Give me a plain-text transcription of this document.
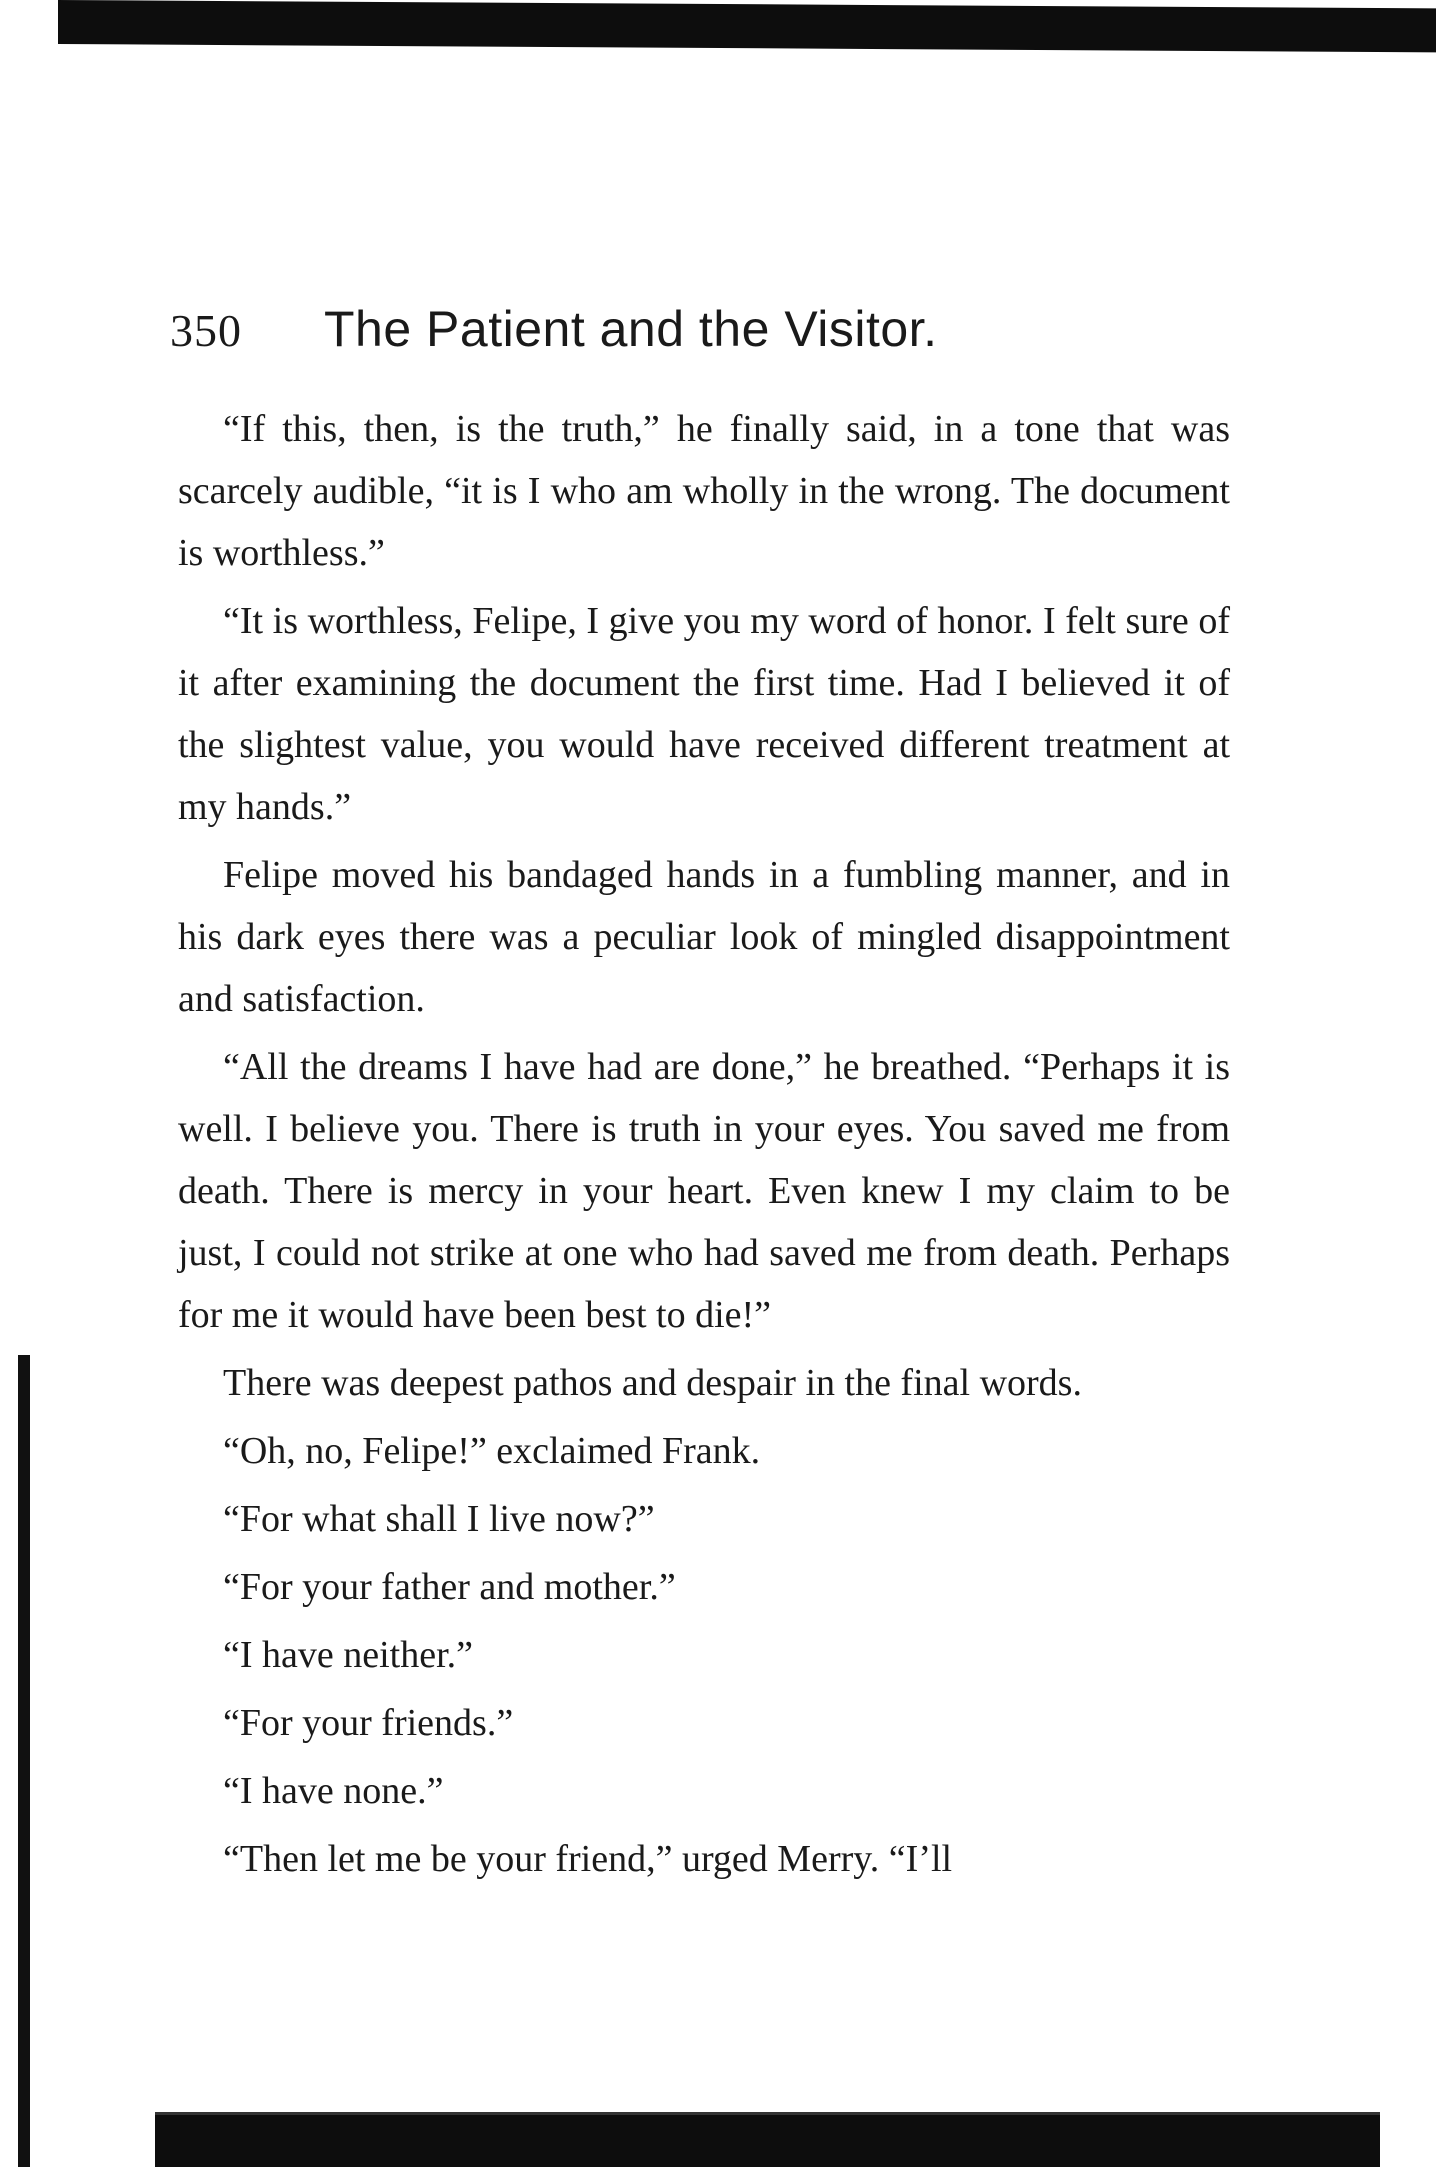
350 The Patient and the Visitor.

“If this, then, is the truth,” he finally said, in a tone that was scarcely audible, “it is I who am wholly in the wrong. The document is worthless.”

“It is worthless, Felipe, I give you my word of honor. I felt sure of it after examining the document the first time. Had I believed it of the slightest value, you would have received different treatment at my hands.”

Felipe moved his bandaged hands in a fumbling manner, and in his dark eyes there was a peculiar look of mingled disappointment and satisfaction.

“All the dreams I have had are done,” he breathed. “Perhaps it is well. I believe you. There is truth in your eyes. You saved me from death. There is mercy in your heart. Even knew I my claim to be just, I could not strike at one who had saved me from death. Perhaps for me it would have been best to die!”

There was deepest pathos and despair in the final words.

“Oh, no, Felipe!” exclaimed Frank.

“For what shall I live now?”

“For your father and mother.”

“I have neither.”

“For your friends.”

“I have none.”

“Then let me be your friend,” urged Merry. “I’ll
